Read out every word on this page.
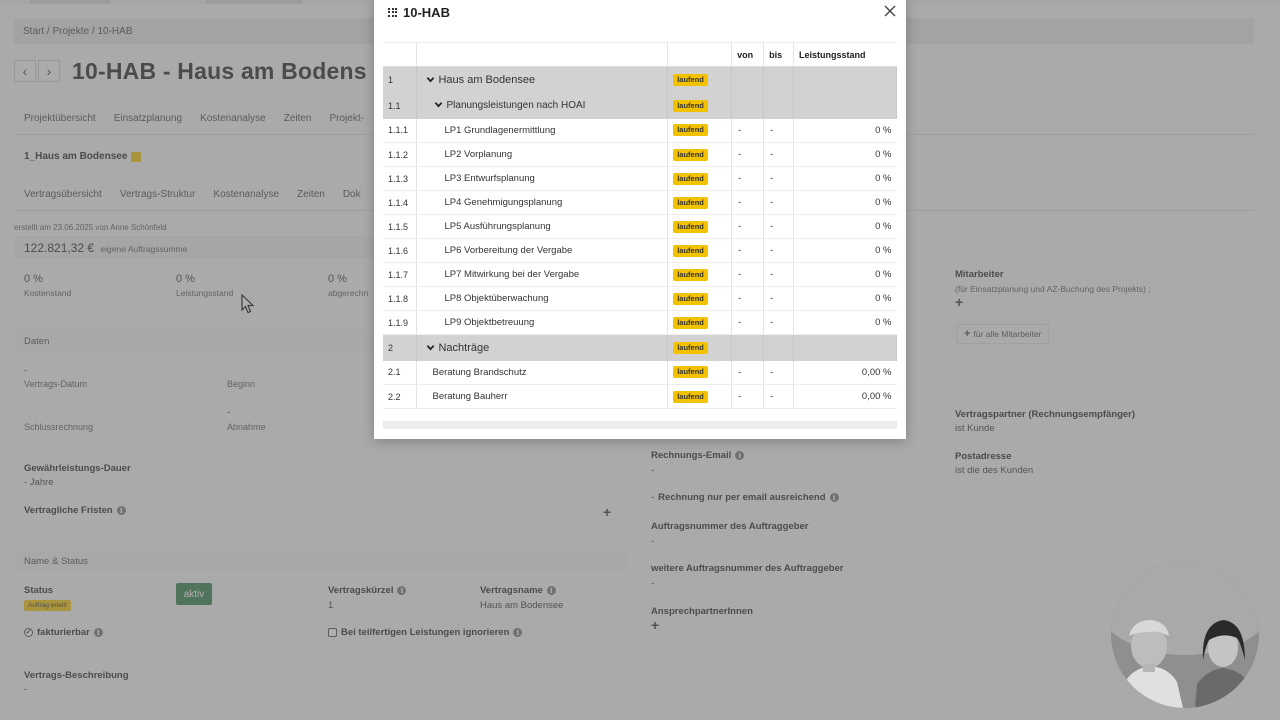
10-HAB
			von	bis	Leistungsstand
1	Haus am Bodensee	laufend			
1.1	Planungsleistungen nach HOAI	laufend			
1.1.1	LP1 Grundlagenermittlung	laufend	-	-	0 %
1.1.2	LP2 Vorplanung	laufend	-	-	0 %
1.1.3	LP3 Entwurfsplanung	laufend	-	-	0 %
1.1.4	LP4 Genehmigungsplanung	laufend	-	-	0 %
1.1.5	LP5 Ausführungsplanung	laufend	-	-	0 %
1.1.6	LP6 Vorbereitung der Vergabe	laufend	-	-	0 %
1.1.7	LP7 Mitwirkung bei der Vergabe	laufend	-	-	0 %
1.1.8	LP8 Objektüberwachung	laufend	-	-	0 %
1.1.9	LP9 Objektbetreuung	laufend	-	-	0 %
2	Nachträge	laufend			
2.1	Beratung Brandschutz	laufend	-	-	0,00 %
2.2	Beratung Bauherr	laufend	-	-	0,00 %
